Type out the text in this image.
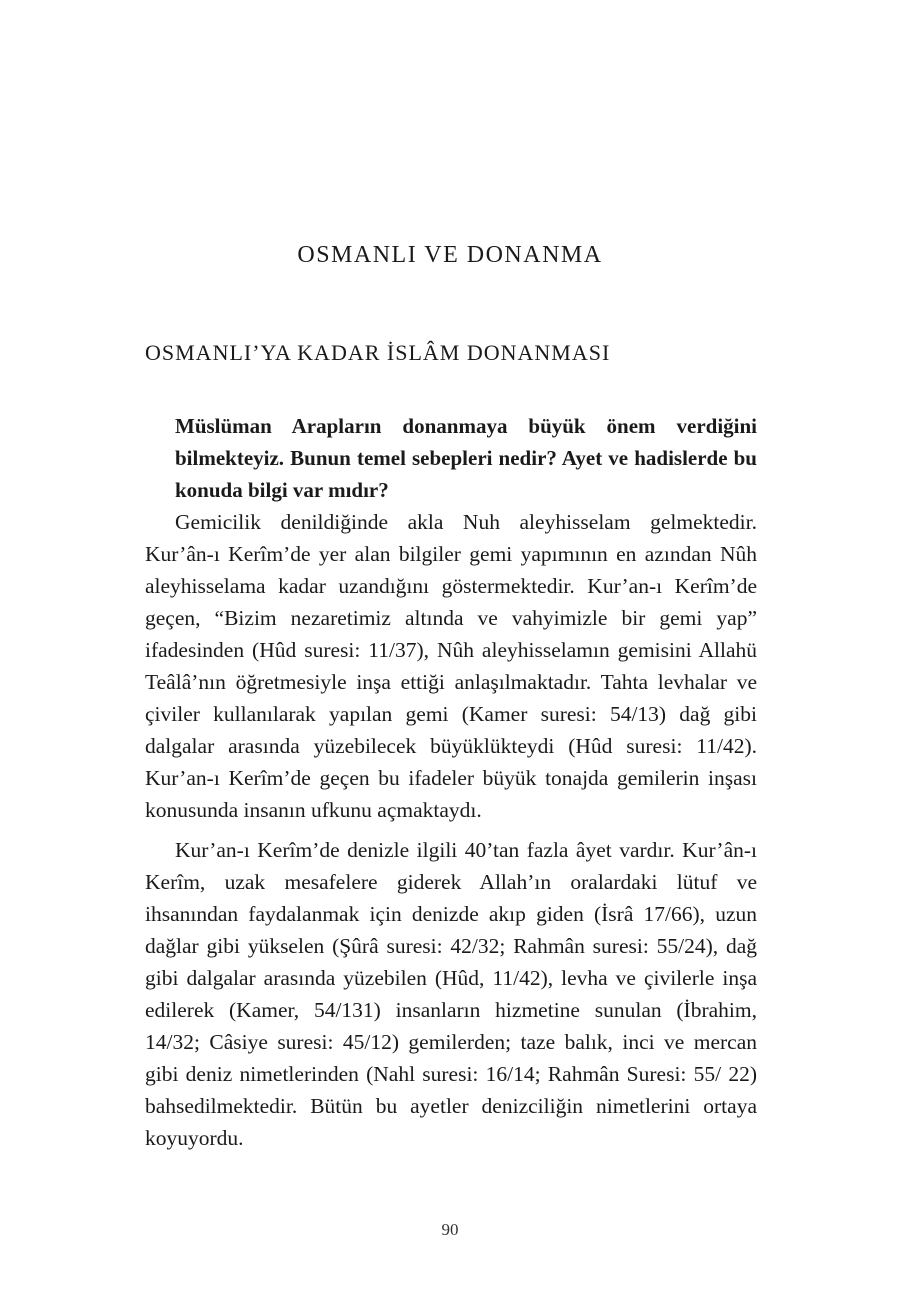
OSMANLI VE DONANMA
OSMANLI’YA KADAR İSLÂM DONANMASI

Müslüman Arapların donanmaya büyük önem verdiğini bilmekteyiz. Bunun temel sebepleri nedir? Ayet ve hadislerde bu konuda bilgi var mıdır?

Gemicilik denildiğinde akla Nuh aleyhisselam gelmektedir. Kur’ân-ı Kerîm’de yer alan bilgiler gemi yapımının en azından Nûh aleyhisselama kadar uzandığını göstermektedir. Kur’an-ı Kerîm’de geçen, “Bizim nezaretimiz altında ve vahyimizle bir gemi yap” ifadesinden (Hûd suresi: 11/37), Nûh aleyhisselamın gemisini Allahü Teâlâ’nın öğretmesiyle inşa ettiği anlaşılmaktadır. Tahta levhalar ve çiviler kullanılarak yapılan gemi (Kamer suresi: 54/13) dağ gibi dalgalar arasında yüzebilecek büyüklükteydi (Hûd suresi: 11/42). Kur’an-ı Kerîm’de geçen bu ifadeler büyük tonajda gemilerin inşası konusunda insanın ufkunu açmaktaydı.

Kur’an-ı Kerîm’de denizle ilgili 40’tan fazla âyet vardır. Kur’ân-ı Kerîm, uzak mesafelere giderek Allah’ın oralardaki lütuf ve ihsanından faydalanmak için denizde akıp giden (İsrâ 17/66), uzun dağlar gibi yükselen (Şûrâ suresi: 42/32; Rahmân suresi: 55/24), dağ gibi dalgalar arasında yüzebilen (Hûd, 11/42), levha ve çivilerle inşa edilerek (Kamer, 54/131) insanların hizmetine sunulan (İbrahim, 14/32; Câsiye suresi: 45/12) gemilerden; taze balık, inci ve mercan gibi deniz nimetlerinden (Nahl suresi: 16/14; Rahmân Suresi: 55/ 22) bahsedilmektedir. Bütün bu ayetler denizciliğin nimetlerini ortaya koyuyordu.

90
